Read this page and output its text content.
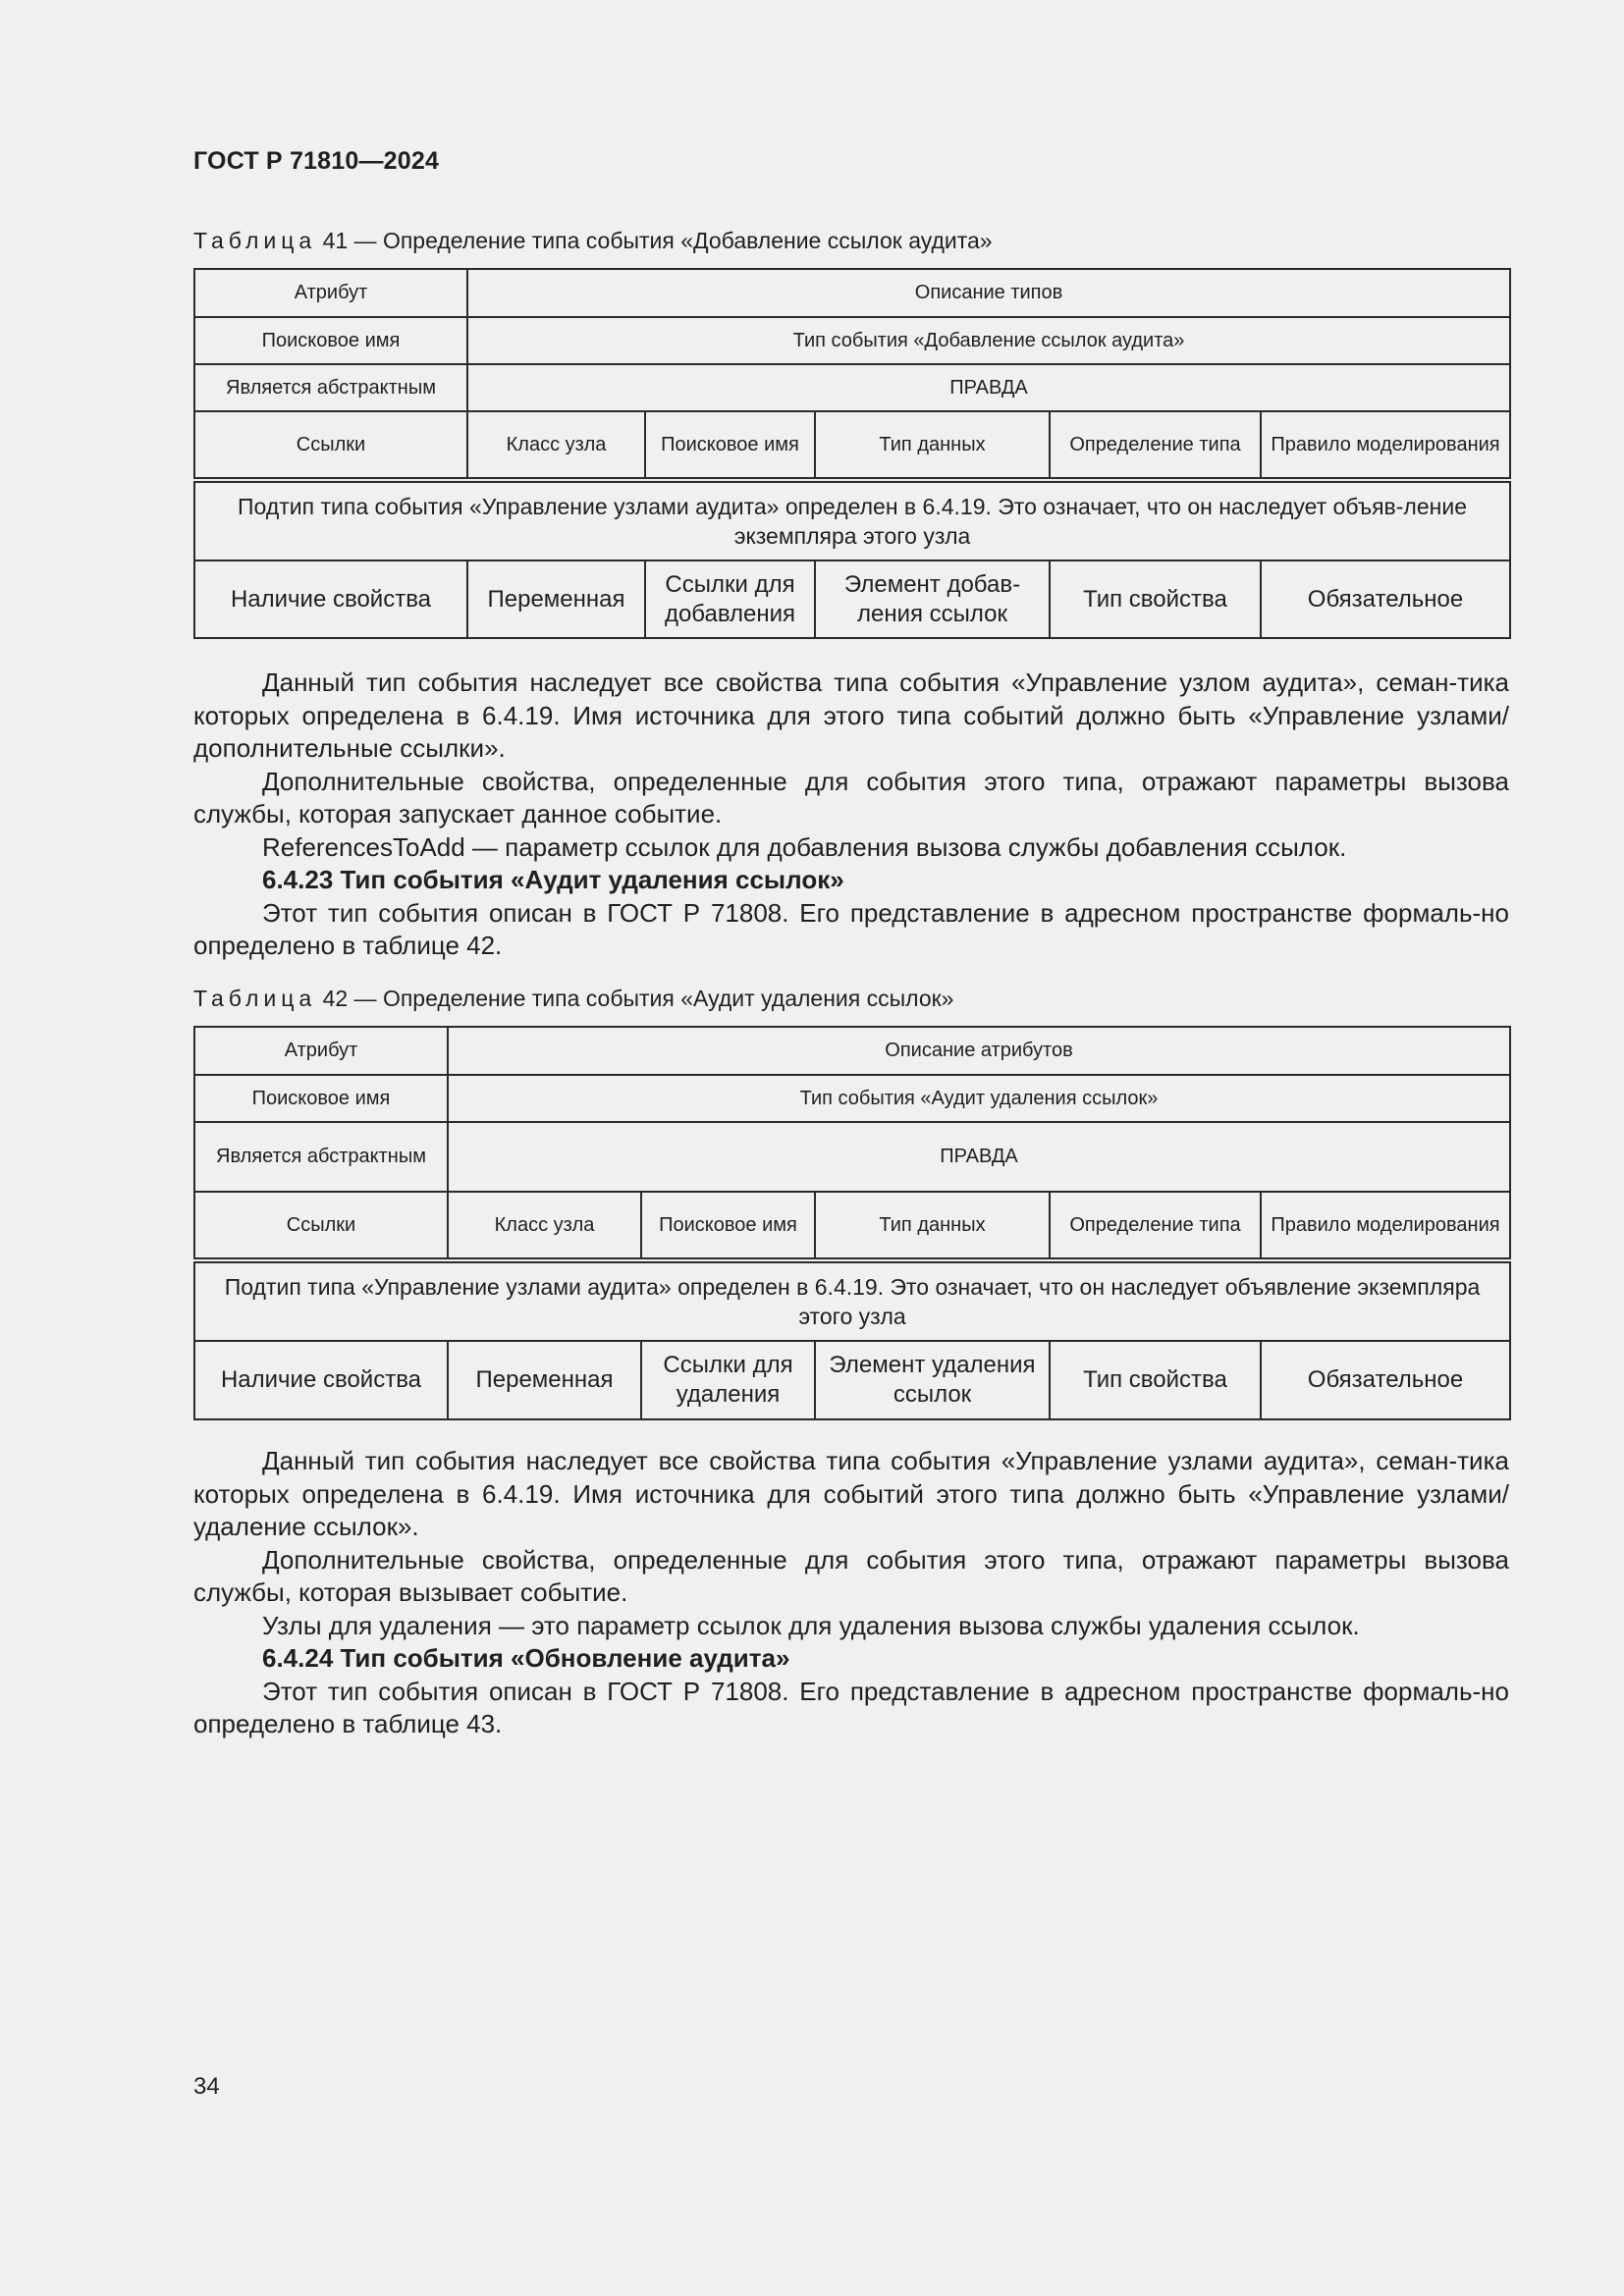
ГОСТ Р 71810—2024
Таблица 41 — Определение типа события «Добавление ссылок аудита»
Атрибут	Описание типов				
Поисковое имя	Тип события «Добавление ссылок аудита»				
Является абстрактным	ПРАВДА				
Ссылки	Класс узла	Поисковое имя	Тип данных	Определение типа	Правило моделирования
Подтип типа события «Управление узлами аудита» определен в 6.4.19. Это означает, что он наследует объяв-ление экземпляра этого узла					
Наличие свойства	Переменная	Ссылки для добавления	Элемент добав-ления ссылок	Тип свойства	Обязательное

Данный тип события наследует все свойства типа события «Управление узлом аудита», семан-тика которых определена в 6.4.19. Имя источника для этого типа событий должно быть «Управление узлами/дополнительные ссылки».

Дополнительные свойства, определенные для события этого типа, отражают параметры вызова службы, которая запускает данное событие.

ReferencesToAdd — параметр ссылок для добавления вызова службы добавления ссылок.

6.4.23 Тип события «Аудит удаления ссылок»

Этот тип события описан в ГОСТ Р 71808. Его представление в адресном пространстве формаль-но определено в таблице 42.

Таблица 42 — Определение типа события «Аудит удаления ссылок»
Атрибут	Описание атрибутов				
Поисковое имя	Тип события «Аудит удаления ссылок»				
Является абстрактным	ПРАВДА				
Ссылки	Класс узла	Поисковое имя	Тип данных	Определение типа	Правило моделирования
Подтип типа «Управление узлами аудита» определен в 6.4.19. Это означает, что он наследует объявление экземпляра этого узла					
Наличие свойства	Переменная	Ссылки для удаления	Элемент удаления ссылок	Тип свойства	Обязательное

Данный тип события наследует все свойства типа события «Управление узлами аудита», семан-тика которых определена в 6.4.19. Имя источника для событий этого типа должно быть «Управление узлами/удаление ссылок».

Дополнительные свойства, определенные для события этого типа, отражают параметры вызова службы, которая вызывает событие.

Узлы для удаления — это параметр ссылок для удаления вызова службы удаления ссылок.

6.4.24 Тип события «Обновление аудита»

Этот тип события описан в ГОСТ Р 71808. Его представление в адресном пространстве формаль-но определено в таблице 43.

34
